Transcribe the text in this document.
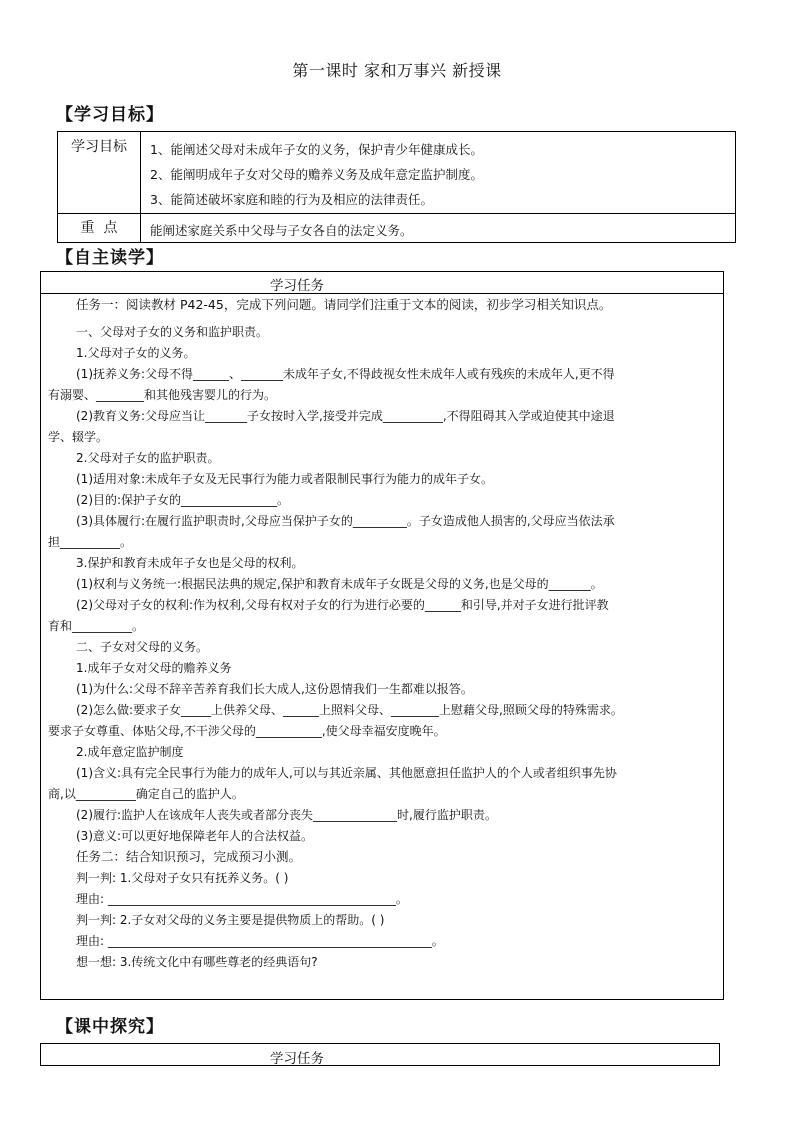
第一课时 家和万事兴 新授课
【学习目标】
学习目标	1、能阐述父母对未成年子女的义务，保护青少年健康成长。
2、能阐明成年子女对父母的赡养义务及成年意定监护制度。
3、能简述破坏家庭和睦的行为及相应的法律责任。
重  点	能阐述家庭关系中父母与子女各自的法定义务。
【自主读学】
学习任务
任务一：阅读教材 P42-45，完成下列问题。请同学们注重于文本的阅读，初步学习相关知识点。
一、父母对子女的义务和监护职责。
1.父母对子女的义务。
(1)抚养义务:父母不得______、_______未成年子女,不得歧视女性未成年人或有残疾的未成年人,更不得
有溺婴、________和其他残害婴儿的行为。
(2)教育义务:父母应当让_______子女按时入学,接受并完成__________,不得阻碍其入学或迫使其中途退
学、辍学。
2.父母对子女的监护职责。
(1)适用对象:未成年子女及无民事行为能力或者限制民事行为能力的成年子女。
(2)目的:保护子女的________________。
(3)具体履行:在履行监护职责时,父母应当保护子女的_________。子女造成他人损害的,父母应当依法承
担__________。
3.保护和教育未成年子女也是父母的权利。
(1)权利与义务统一:根据民法典的规定,保护和教育未成年子女既是父母的义务,也是父母的_______。
(2)父母对子女的权利:作为权利,父母有权对子女的行为进行必要的______和引导,并对子女进行批评教
育和__________。
二、子女对父母的义务。
1.成年子女对父母的赡养义务
(1)为什么:父母不辞辛苦养育我们长大成人,这份恩情我们一生都难以报答。
(2)怎么做:要求子女_____上供养父母、______上照料父母、________上慰藉父母,照顾父母的特殊需求。
要求子女尊重、体贴父母,不干涉父母的___________,使父母幸福安度晚年。
2.成年意定监护制度
(1)含义:具有完全民事行为能力的成年人,可以与其近亲属、其他愿意担任监护人的个人或者组织事先协
商,以__________确定自己的监护人。
(2)履行:监护人在该成年人丧失或者部分丧失______________时,履行监护职责。
(3)意义:可以更好地保障老年人的合法权益。
任务二：结合知识预习，完成预习小测。
判一判: 1.父母对子女只有抚养义务。( )
理由: ________________________________________________。
判一判: 2.子女对父母的义务主要是提供物质上的帮助。( )
理由: ______________________________________________________。
想一想: 3.传统文化中有哪些尊老的经典语句?
【课中探究】
学习任务
